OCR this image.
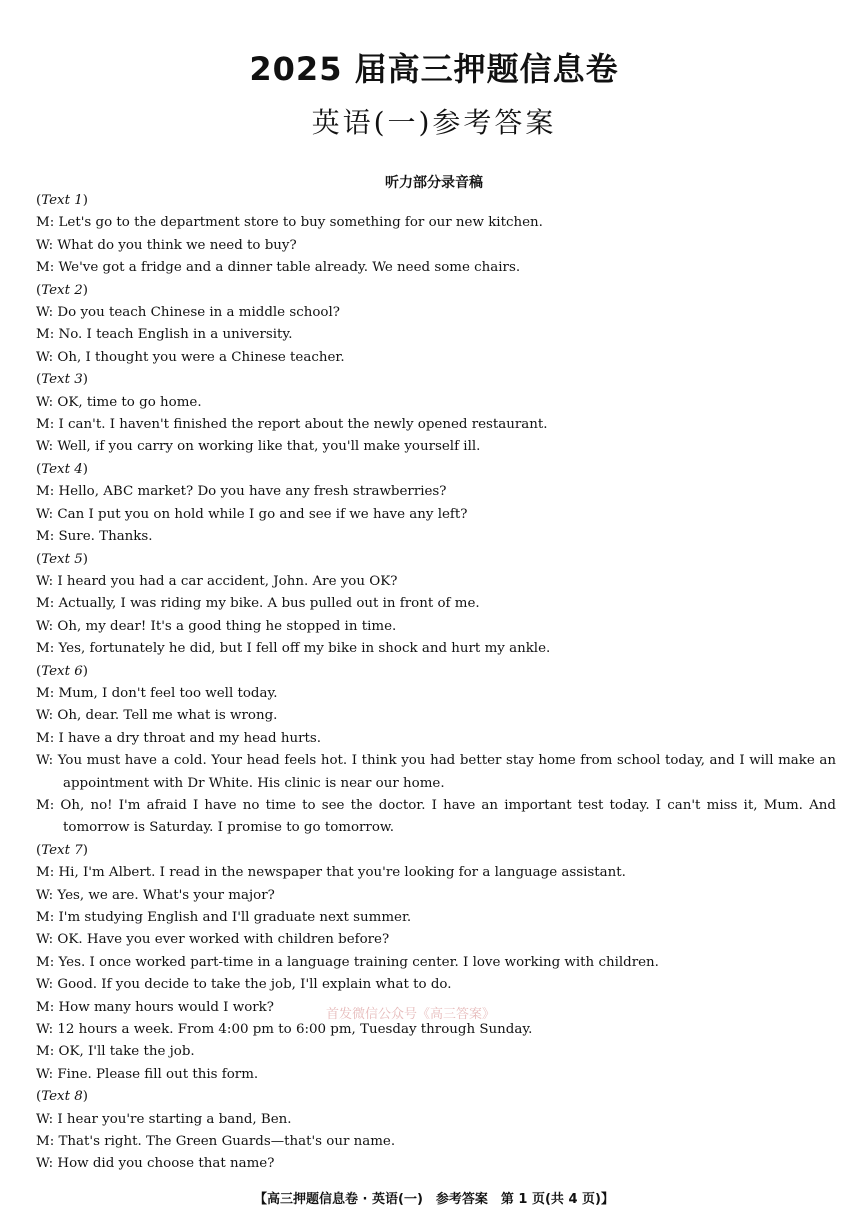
2025 届高三押题信息卷
英语(一)参考答案
听力部分录音稿
(Text 1)
M: Let's go to the department store to buy something for our new kitchen.
W: What do you think we need to buy?
M: We've got a fridge and a dinner table already. We need some chairs.
(Text 2)
W: Do you teach Chinese in a middle school?
M: No. I teach English in a university.
W: Oh, I thought you were a Chinese teacher.
(Text 3)
W: OK, time to go home.
M: I can't. I haven't finished the report about the newly opened restaurant.
W: Well, if you carry on working like that, you'll make yourself ill.
(Text 4)
M: Hello, ABC market? Do you have any fresh strawberries?
W: Can I put you on hold while I go and see if we have any left?
M: Sure. Thanks.
(Text 5)
W: I heard you had a car accident, John. Are you OK?
M: Actually, I was riding my bike. A bus pulled out in front of me.
W: Oh, my dear! It's a good thing he stopped in time.
M: Yes, fortunately he did, but I fell off my bike in shock and hurt my ankle.
(Text 6)
M: Mum, I don't feel too well today.
W: Oh, dear. Tell me what is wrong.
M: I have a dry throat and my head hurts.
W: You must have a cold. Your head feels hot. I think you had better stay home from school today, and I will make an appointment with Dr White. His clinic is near our home.
M: Oh, no! I'm afraid I have no time to see the doctor. I have an important test today. I can't miss it, Mum. And tomorrow is Saturday. I promise to go tomorrow.
(Text 7)
M: Hi, I'm Albert. I read in the newspaper that you're looking for a language assistant.
W: Yes, we are. What's your major?
M: I'm studying English and I'll graduate next summer.
W: OK. Have you ever worked with children before?
M: Yes. I once worked part-time in a language training center. I love working with children.
W: Good. If you decide to take the job, I'll explain what to do.
M: How many hours would I work?
W: 12 hours a week. From 4:00 pm to 6:00 pm, Tuesday through Sunday.
M: OK, I'll take the job.
W: Fine. Please fill out this form.
(Text 8)
W: I hear you're starting a band, Ben.
M: That's right. The Green Guards—that's our name.
W: How did you choose that name?
首发微信公众号《高三答案》
【高三押题信息卷 · 英语(一)　参考答案　第 1 页(共 4 页)】
